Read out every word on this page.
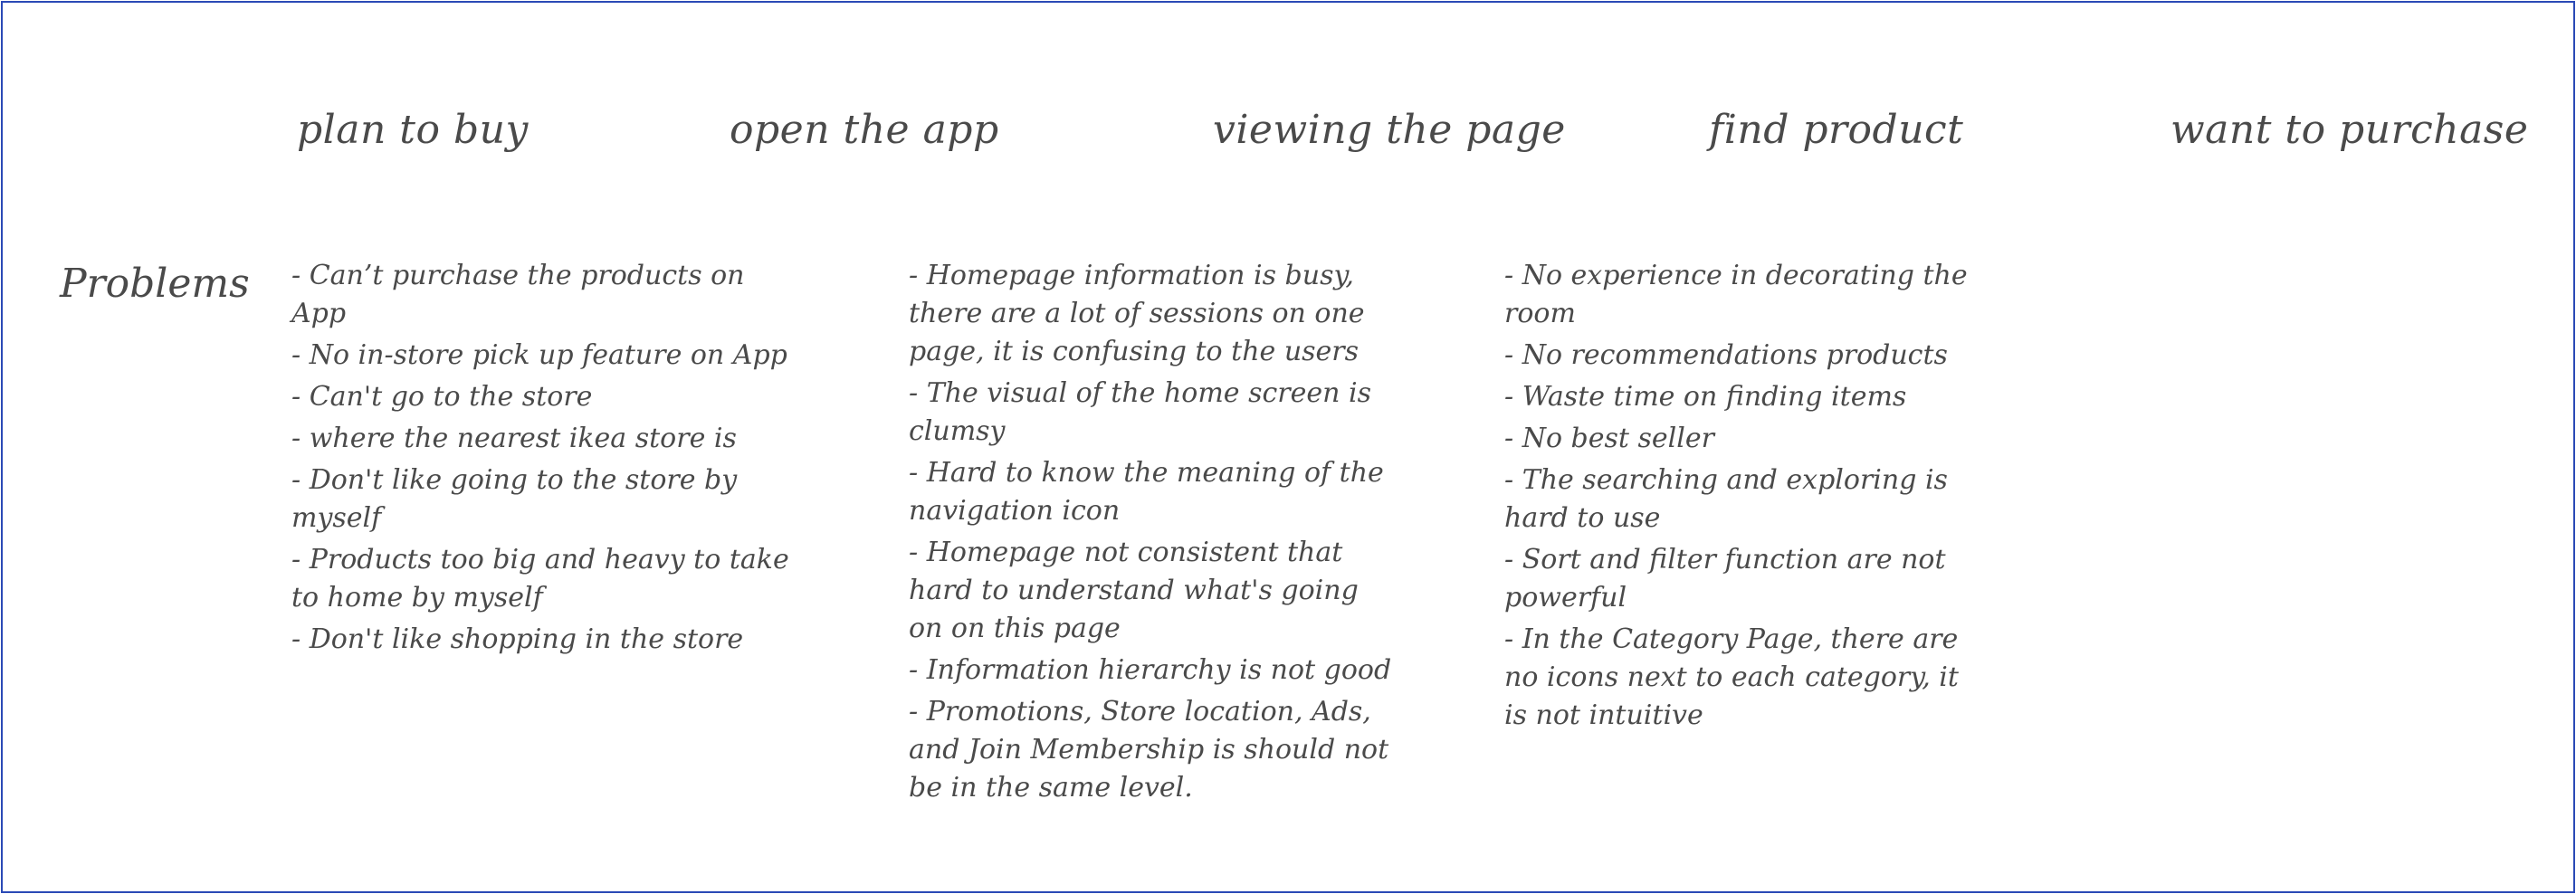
plan to buy	open the app	viewing the page	find product	want to purchase
Problems
-	Can’t purchase the products on App
- No in-store pick up feature on App
- Can't go to the store
- where the nearest ikea store is
- Don't like going to the store by myself
- Products too big and heavy to take to home by myself
- Don't like shopping in the store
- Homepage information is busy, there are a lot of sessions on one page, it is confusing to the users
- The visual of the home screen is clumsy
- Hard to know the meaning of the navigation icon
- Homepage not consistent that hard to understand what's going on on this page
- Information hierarchy is not good
- Promotions, Store location, Ads, and Join Membership is should not be in the same level.
- No experience in decorating the room
- No recommendations products
- Waste time on finding items
- No best seller
- The searching and exploring is hard to use
- Sort and filter function are not powerful
- In the Category Page, there are no icons next to each category, it is not intuitive
